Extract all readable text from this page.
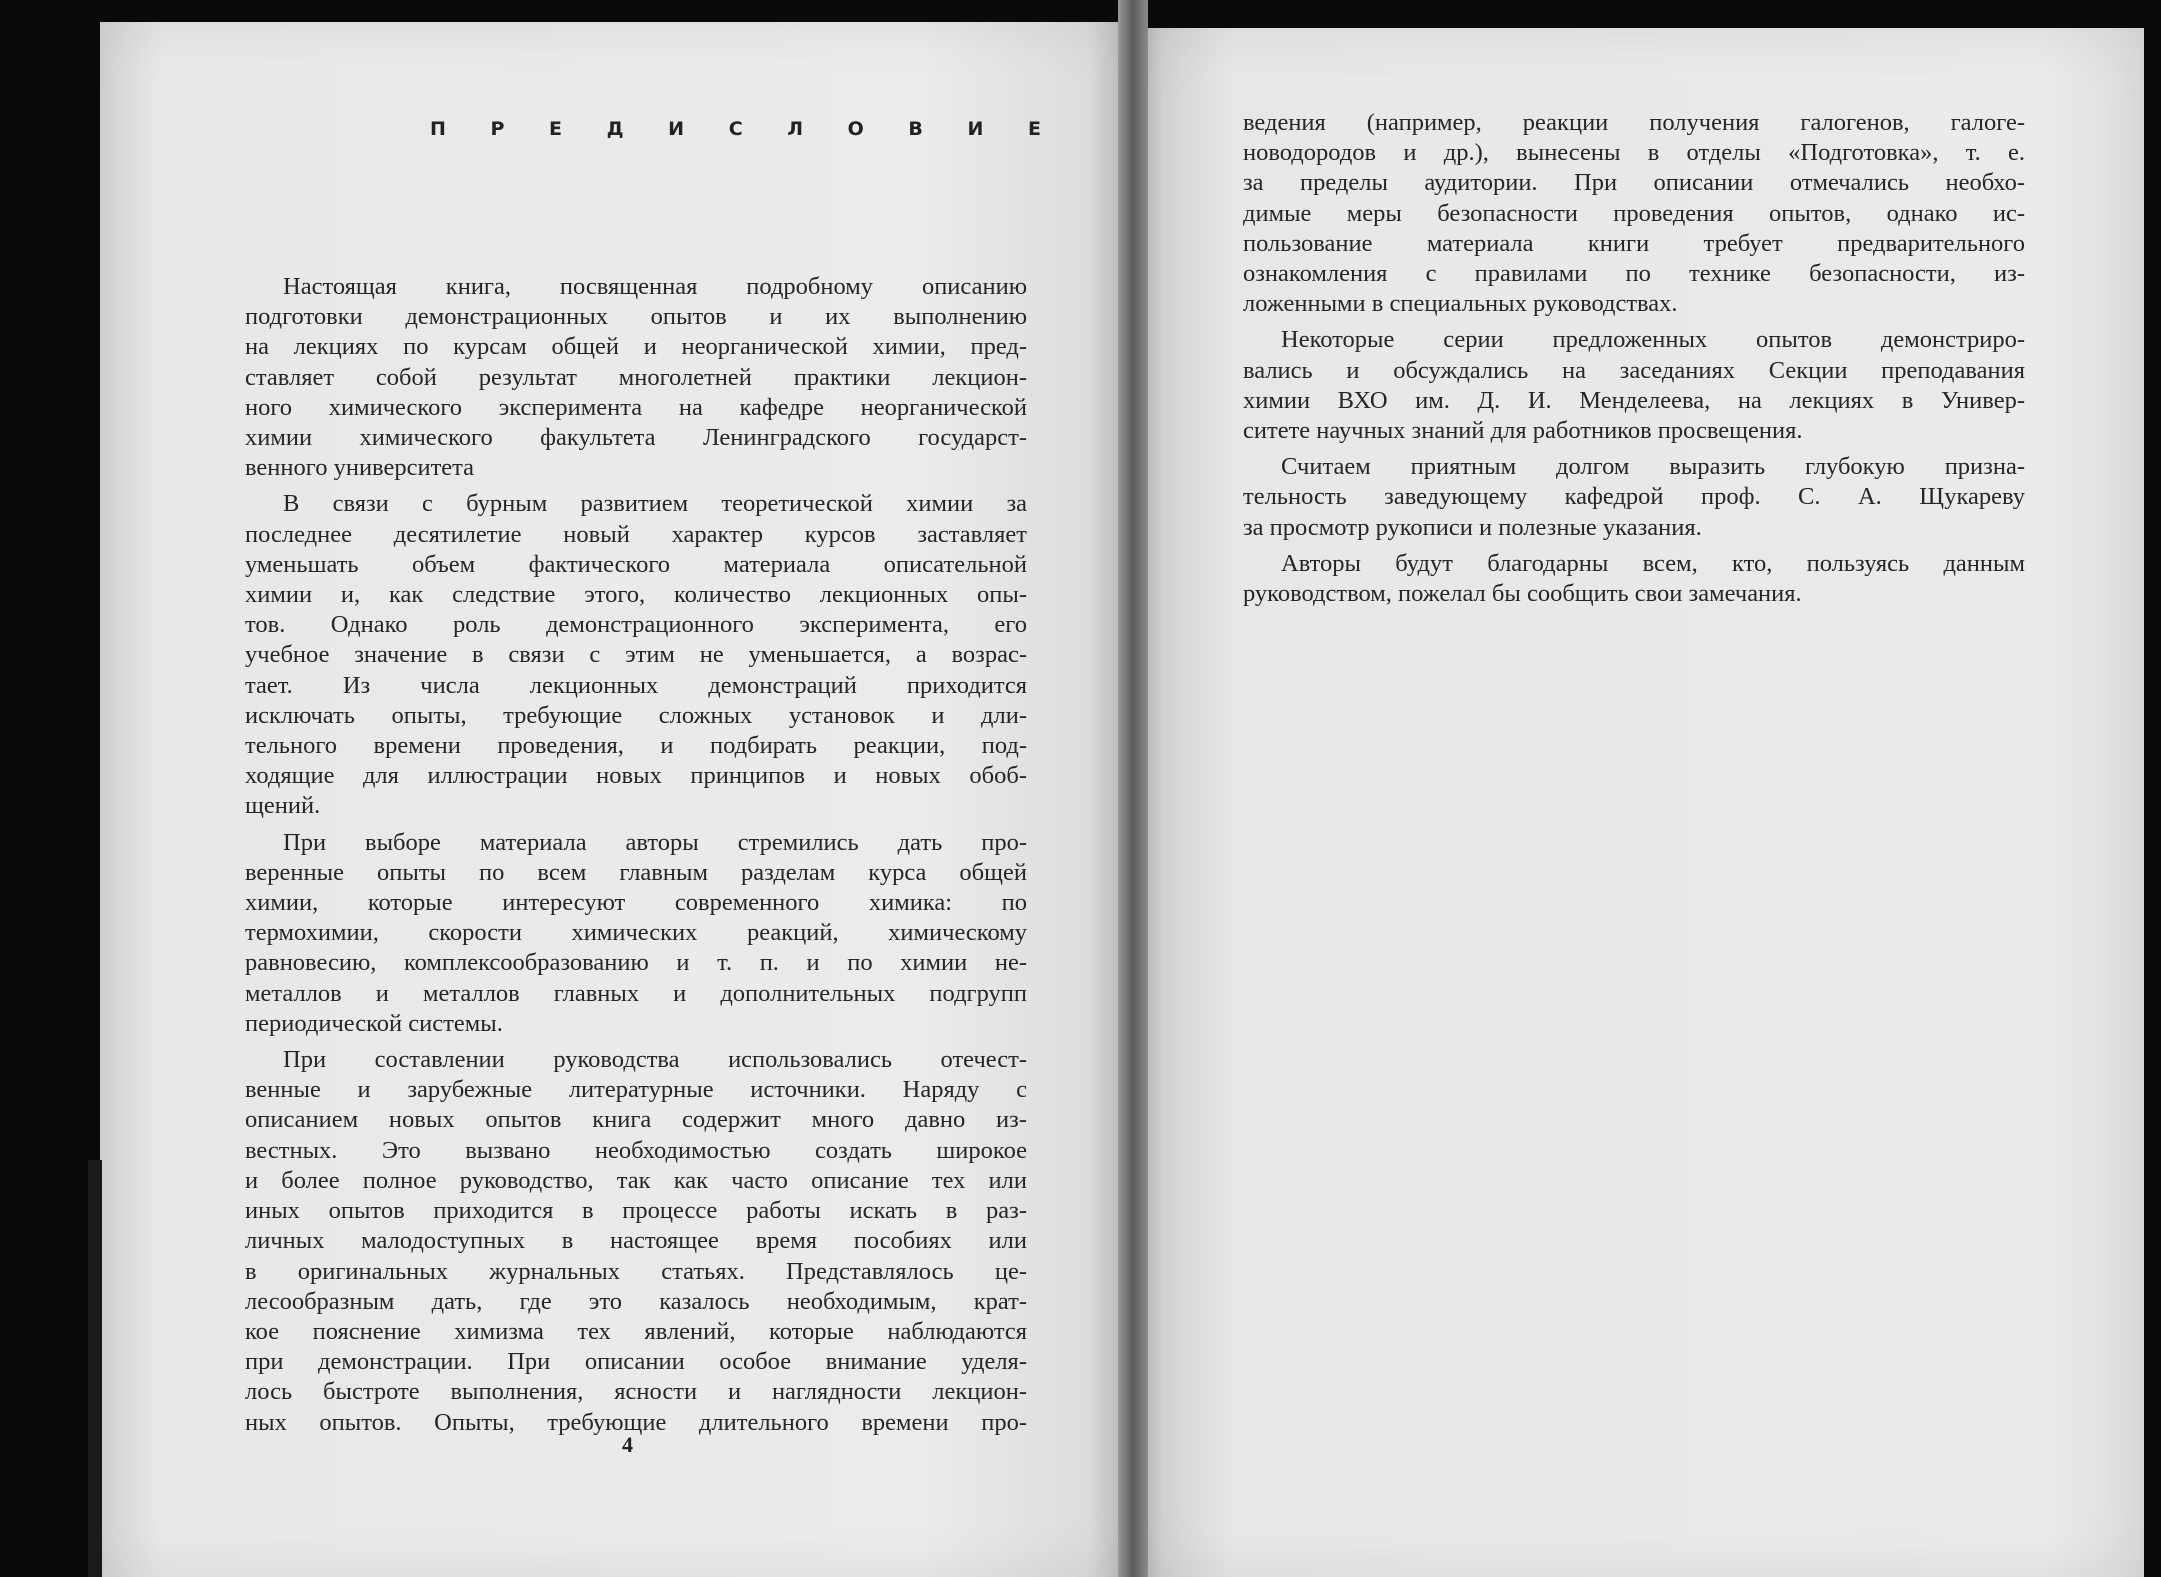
П Р Е Д И С Л О В И Е
Настоящая книга, посвященная подробному описанию
подготовки демонстрационных опытов и их выполнению
на лекциях по курсам общей и неорганической химии, пред-
ставляет собой результат многолетней практики лекцион-
ного химического эксперимента на кафедре неорганической
химии химического факультета Ленинградского государст-
венного университета
В связи с бурным развитием теоретической химии за
последнее десятилетие новый характер курсов заставляет
уменьшать объем фактического материала описательной
химии и, как следствие этого, количество лекционных опы-
тов. Однако роль демонстрационного эксперимента, его
учебное значение в связи с этим не уменьшается, а возрас-
тает. Из числа лекционных демонстраций приходится
исключать опыты, требующие сложных установок и дли-
тельного времени проведения, и подбирать реакции, под-
ходящие для иллюстрации новых принципов и новых обоб-
щений.
При выборе материала авторы стремились дать про-
веренные опыты по всем главным разделам курса общей
химии, которые интересуют современного химика: по
термохимии, скорости химических реакций, химическому
равновесию, комплексообразованию и т. п. и по химии не-
металлов и металлов главных и дополнительных подгрупп
периодической системы.
При составлении руководства использовались отечест-
венные и зарубежные литературные источники. Наряду с
описанием новых опытов книга содержит много давно из-
вестных. Это вызвано необходимостью создать широкое
и более полное руководство, так как часто описание тех или
иных опытов приходится в процессе работы искать в раз-
личных малодоступных в настоящее время пособиях или
в оригинальных журнальных статьях. Представлялось це-
лесообразным дать, где это казалось необходимым, крат-
кое пояснение химизма тех явлений, которые наблюдаются
при демонстрации. При описании особое внимание уделя-
лось быстроте выполнения, ясности и наглядности лекцион-
ных опытов. Опыты, требующие длительного времени про-
ведения (например, реакции получения галогенов, галоге-
новодородов и др.), вынесены в отделы «Подготовка», т. е.
за пределы аудитории. При описании отмечались необхо-
димые меры безопасности проведения опытов, однако ис-
пользование материала книги требует предварительного
ознакомления с правилами по технике безопасности, из-
ложенными в специальных руководствах.
Некоторые серии предложенных опытов демонстриро-
вались и обсуждались на заседаниях Секции преподавания
химии ВХО им. Д. И. Менделеева, на лекциях в Универ-
ситете научных знаний для работников просвещения.
Считаем приятным долгом выразить глубокую призна-
тельность заведующему кафедрой проф. С. А. Щукареву
за просмотр рукописи и полезные указания.
Авторы будут благодарны всем, кто, пользуясь данным
руководством, пожелал бы сообщить свои замечания.
4
